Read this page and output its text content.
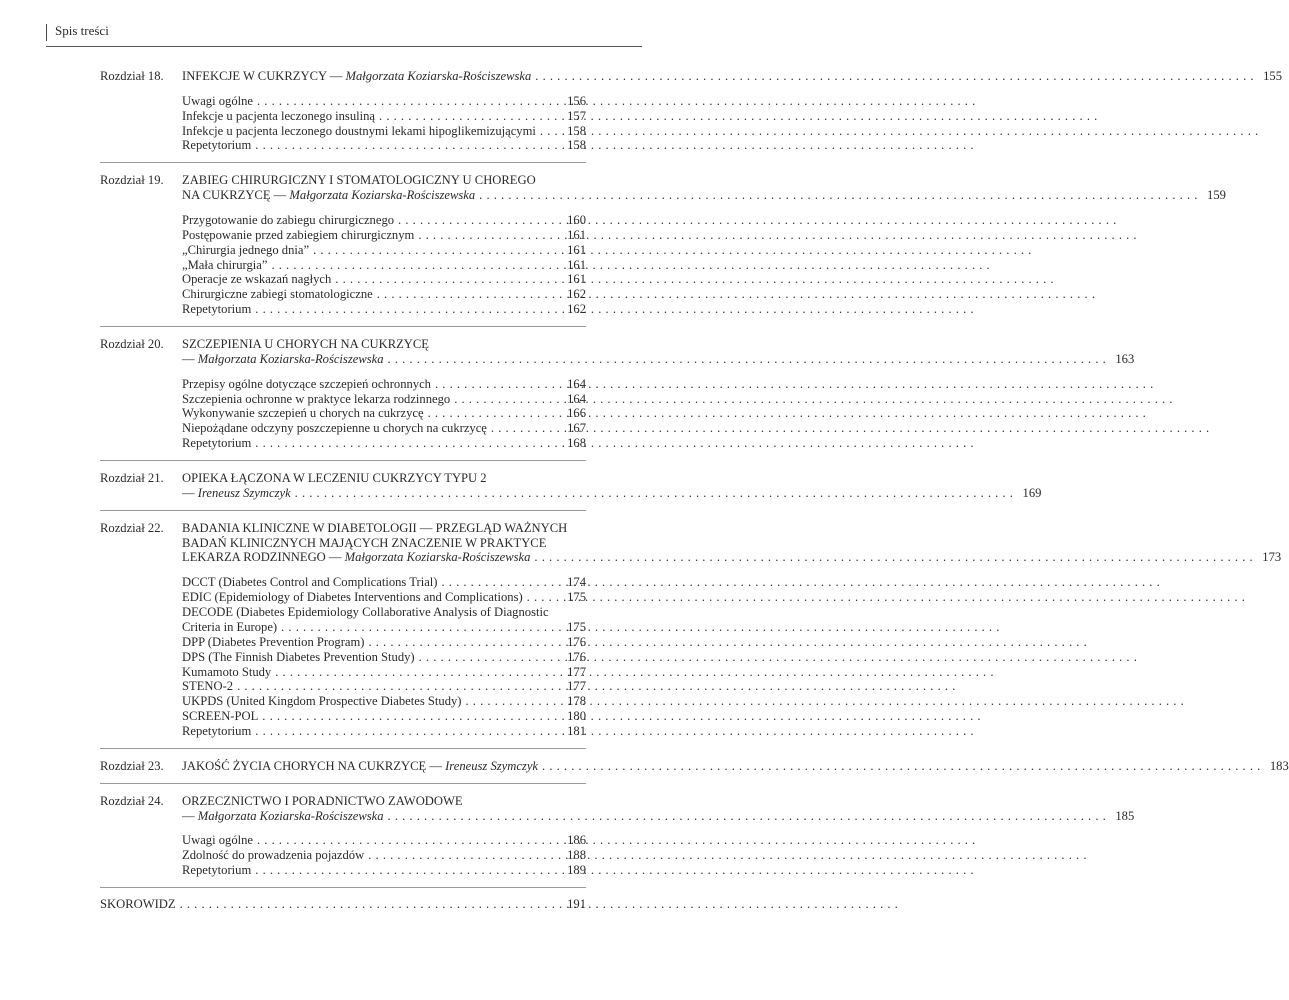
Spis treści
Rozdział 18.	INFEKCJE W CUKRZYCY — Małgorzata Koziarska-Rościszewska . . .	155
Uwagi ogólne . . .	156
Infekcje u pacjenta leczonego insuliną . . .	157
Infekcje u pacjenta leczonego doustnymi lekami hipoglikemizującymi . . .	158
Repetytorium . . .	158
Rozdział 19.	ZABIEG CHIRURGICZNY I STOMATOLOGICZNY U CHOREGO
NA CUKRZYCĘ — Małgorzata Koziarska-Rościszewska . . .	159
Przygotowanie do zabiegu chirurgicznego . . .	160
Postępowanie przed zabiegiem chirurgicznym . . .	161
„Chirurgia jednego dnia” . . .	161
„Mała chirurgia” . . .	161
Operacje ze wskazań nagłych . . .	161
Chirurgiczne zabiegi stomatologiczne . . .	162
Repetytorium . . .	162
Rozdział 20.	SZCZEPIENIA U CHORYCH NA CUKRZYCĘ
— Małgorzata Koziarska-Rościszewska . . .	163
Przepisy ogólne dotyczące szczepień ochronnych . . .	164
Szczepienia ochronne w praktyce lekarza rodzinnego . . .	164
Wykonywanie szczepień u chorych na cukrzycę . . .	166
Niepożądane odczyny poszczepienne u chorych na cukrzycę . . .	167
Repetytorium . . .	168
Rozdział 21.	OPIEKA ŁĄCZONA W LECZENIU CUKRZYCY TYPU 2
— Ireneusz Szymczyk . . .	169
Rozdział 22.	BADANIA KLINICZNE W DIABETOLOGII — PRZEGLĄD WAŻNYCH
BADAŃ KLINICZNYCH MAJĄCYCH ZNACZENIE W PRAKTYCE
LEKARZA RODZINNEGO — Małgorzata Koziarska-Rościszewska . . .	173
DCCT (Diabetes Control and Complications Trial) . . .	174
EDIC (Epidemiology of Diabetes Interventions and Complications) . . .	175
DECODE (Diabetes Epidemiology Collaborative Analysis of Diagnostic
Criteria in Europe) . . .	175
DPP (Diabetes Prevention Program) . . .	176
DPS (The Finnish Diabetes Prevention Study) . . .	176
Kumamoto Study . . .	177
STENO-2 . . .	177
UKPDS (United Kingdom Prospective Diabetes Study) . . .	178
SCREEN-POL . . .	180
Repetytorium . . .	181
Rozdział 23.	JAKOŚĆ ŻYCIA CHORYCH NA CUKRZYCĘ — Ireneusz Szymczyk . . .	183
Rozdział 24.	ORZECZNICTWO I PORADNICTWO ZAWODOWE
— Małgorzata Koziarska-Rościszewska . . .	185
Uwagi ogólne . . .	186
Zdolność do prowadzenia pojazdów . . .	188
Repetytorium . . .	189
SKOROWIDZ . . .	191
